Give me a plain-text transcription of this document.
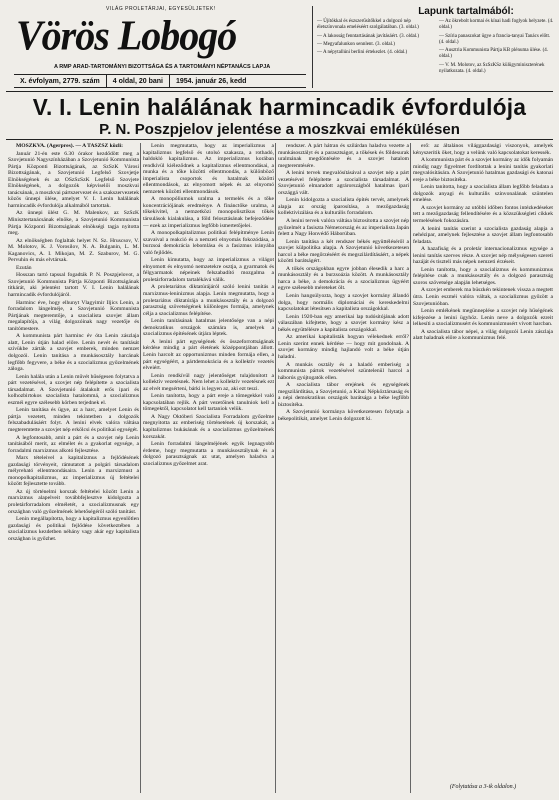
VILÁG PROLETÁRJAI, EGYESÜLJETEK!
Vörös Lobogó
A RMP ARAD-TARTOMÁNYI BIZOTTSÁGA ÉS A TARTOMÁNYI NÉPTANÁCS LAPJA
X. évfolyam, 2779. szám	4 oldal, 20 bani	1954. január 26, kedd
Lapunk tartalmából:
— Újítókkal és észszerűsítőkkel a dolgozó nép életszínvonala emeléséért szolgálatában. (3. oldal.)
— A lakosság fenntartásának javításáért. (3. oldal.)
— Megyafalunkon sennlent. (3. oldal.)
— A népytallúni berlini értekezlet. (4. oldal.)
— Az ökrebolt kormai és kínai hadi foglyok helyzete. (4. oldal.)
— Szíria panaszokat ügye a francia-tanyai Tanács előtt. (4. oldal.)
— Ausztria Kommunista Pártja KB plénuma ülése. (4. oldal.)
— V. M. Molotov, az SzSzKSz külügyminiszterének nyilatkozata. (4. oldal.)
V. I. Lenin halálának harmincadik évfordulója
P. N. Poszpjelov jelentése a moszkvai emlékülésen

MOSZKVA. (Agerpres). — A TASZSZ közli:

Január 21-én este 6.30 órakor kezdődött meg a Szovjetunió Nagyszínházában a Szovjetunió Kommunista Pártja Központi Bizottságának, az SzSzK Városi Bizottságának, a Szovjetunió Legfelső Szovjetje Elnökségének és az OSzSzSzK Legfelső Szovjete Elnökségének, a dolgozók képviselői moszkvai tanácsának, a moszkvai pártszervezet és a szakszervezetek közös ünnepi ülése, amelyet V. I. Lenin halálának harmincadik évfordulója alkalmából tartottak.

Az ünnepi ülést G. M. Malenkov, az SzSzK Minisztertanácsának elnöke, a Szovjetunió Kommunista Pártja Központi Bizottságának elnökségi tagja nyitotta meg.

Az elnökségben foglaltak helyet N. Sz. Hruscsov, V. M. Molotov, K. J. Vorosilov, N. A. Bulganin, L. M. Kaganovics, A. I. Mikojan, M. Z. Szaburov, M. G. Pervuhin és más elvtársak.

Ezután

Hosszan tartó tapssal fogadták P. N. Poszpjelovot, a Szovjetunió Kommunista Pártja Központi Bizottságának titkárát, aki jelentést tartott V. I. Lenin halálának harmincadik évfordulójáról.

Harminc éve, hogy elhunyt Vlagyimir Iljics Lenin, a forradalom lángelméje, a Szovjetunió Kommunista Pártjának megteremtője, a szocialista szovjet állam megalapítója, a világ dolgozóinak nagy vezetője és tanítómestere.

A kommunista párt harminc év óta Lenin zászlaja alatt, Lenin útján halad előre. Lenin nevét és tanítását szívükbe zárták a szovjet emberek, minden nemzet dolgozói. Lenin tanítása a munkásosztály harcának legfőbb fegyvere, a béke és a szocializmus győzelmének záloga.

Lenin halála után a Lenin művét hűségesen folytatva a párt vezetésével, a szovjet nép felépítette a szocialista társadalmat. A Szovjetunió átalakult erős ipari és kolhozbirtokos szocialista hatalommá, a szocializmus eszméi egyre szélesebb körben terjednek el.

Lenin tanítása és ügye, az a harc, amelyet Lenin és pártja vezetett, minden tekintetben a dolgozók felszabadulásáért folyt. A lenini elvek valóra váltása megteremtette a szovjet nép erkölcsi és politikai egységét.

A legfontosabb, amit a párt és a szovjet nép Lenin tanításából merít, az elmélet és a gyakorlat egysége, a forradalmi marxizmus alkotó fejlesztése.

Marx tételeivel a kapitalizmus a fejlődésének gazdasági törvényeit, rámutatott a polgári társadalom mélyreható ellentmondásaira. Lenin a marxizmust a monopolkapitalizmus, az imperializmus új feltételei között fejlesztette tovább.

Az új történelmi korszak feltételei között Lenin a marxizmus alapelveit továbbfejlesztve kidolgozta a proletárforradalom elméletét, a szocializmusnak egy országban való győzelmének lehetőségéről szóló tanítást.

Lenin megállapította, hogy a kapitalizmus egyenlőtlen gazdasági és politikai fejlődése következtében a szocializmus kezdetben néhány vagy akár egy kapitalista országban is győzhet.

Lenin megmutatta, hogy az imperializmus a kapitalizmus legfelső és utolsó szakasza, a rothadó, haldokló kapitalizmus. Az imperializmus korában rendkívül kiéleződnek a kapitalizmus ellentmondásai, a munka és a tőke közötti ellentmondás, a különböző imperialista csoportok és hatalmak közötti ellentmondások, az elnyomott népek és az elnyomó nemzetek közötti ellentmondások.

A monopóliumok uralma a termelés és a tőke koncentrációjának eredménye. A finánctőke uralma, a tőkekivitel, a nemzetközi monopolisztikus tőkés társulások kialakulása, a föld felosztásának befejeződése — ezek az imperializmus legfőbb ismertetőjelei.

A monopolkapitalizmus politikai felépítménye Lenin szavaival a reakció és a nemzeti elnyomás fokozódása, a burzsoá demokrácia lebomlása és a fasizmus irányába való fejlődés.

Lenin kimutatta, hogy az imperializmus a világot elnyomott és elnyomó nemzetekre osztja, a gyarmatok és félgyarmatok népeinek felszabadító mozgalma a proletárforradalom tartalékává válik.

A proletariátus diktatúrájáról szóló lenini tanítás a marxizmus-leninizmus alapja. Lenin megmutatta, hogy a proletariátus diktatúrája a munkásosztály és a dolgozó parasztság szövetségének különleges formája, amelynek célja a szocializmus felépítése.

Lenin tanításának hatalmas jelentősége van a népi demokratikus országok számára is, amelyek a szocializmus építésének útjára léptek.

A lenini párt egységének és összeforrottságának kérdése mindig a párt életének középpontjában állott. Lenin harcolt az opportunizmus minden formája ellen, a párt egységéért, a pártdemokrácia és a kollektív vezetés elveiért.

Lenin rendkívül nagy jelentőséget tulajdonított a kollektív vezetésnek. Nem lehet a kollektív vezetésnek ezt az elvét megsérteni, bárki is legyen az, aki ezt teszi.

Lenin tanította, hogy a párt ereje a tömegekkel való kapcsolatában rejlik. A párt vezetőinek tanulniok kell a tömegektől, kapcsolatot kell tartaniok velük.

A Nagy Októberi Szocialista Forradalom győzelme megnyitotta az emberiség történetének új korszakát, a kapitalizmus bukásának és a szocializmus győzelmének korszakát.

Lenin forradalmi lángelméjének egyik legnagyobb érdeme, hogy megmutatta a munkásosztálynak és a dolgozó parasztságnak az utat, amelyen haladva a szocializmus győzelmet arat.

rendszer. A párt hátran és szilárdan haladva vezette a munkásosztályt és a parasztságot, a tőkések és földesurak uralmának megdöntésére és a szovjet hatalom megteremtésére.

A lenini tervek megvalósításával a szovjet nép a párt vezetésével felépítette a szocialista társadalmat. A Szovjetunió elmaradott agrárországból hatalmas ipari országgá vált.

Lenin kidolgozta a szocialista építés tervét, amelynek alapja az ország iparosítása, a mezőgazdaság kollektivizálása és a kulturális forradalom.

A lenini tervek valóra váltása biztosította a szovjet nép győzelmét a fasiszta Németország és az imperialista Japán felett a Nagy Honvédő Háborúban.

Lenin tanítása a két rendszer békés együttéléséről a szovjet külpolitika alapja. A Szovjetunió következetesen harcol a béke megőrzéséért és megszilárdításáért, a népek közötti barátságért.

A tőkés országokban egyre jobban élesedik a harc a munkásosztály és a burzsoázia között. A munkásosztály harca a béke, a demokrácia és a szocializmus ügyéért egyre szélesebb méreteket ölt.

Lenin hangsúlyozta, hogy a szovjet kormány állandó dolga, hogy normális diplomáciai és kereskedelmi kapcsolatokat létesítsen a kapitalista országokkal.

Lenin 1920-ban egy amerikai lap tudósítójának adott válaszában kifejtette, hogy a szovjet kormány kész a békés együttélésre a kapitalista országokkal.

Az amerikai kapitalisták hogyan vélekednek erről? Lenin szerint ennek kérdése — hogy mit gondolnak. A szovjet kormány mindig hajlandó volt a béke útján haladni.

A munkás osztály és a haladó emberiség a kommunista pártok vezetésével szüntelenül harcol a háborús gyújtogatók ellen.

A szocialista tábor erejének és egységének megszilárdítása, a Szovjetunió, a Kínai Népköztársaság és a népi demokratikus országok barátsága a béke legfőbb biztosítéka.

A Szovjetunió kormánya következetesen folytatja a békepolitikát, amelyet Lenin dolgozott ki.

erő: az általános világgazdasági viszonyok, amelyek kényszerítik őket, hogy a velünk való kapcsolatokat keressék.

A kommunista párt és a szovjet kormány az idők folyamán mindig nagy figyelmet fordítottak a lenini tanítás gyakorlati megvalósítására. A Szovjetunió hatalmas gazdasági és katonai ereje a béke biztosítéka.

Lenin tanította, hogy a szocialista állam legfőbb feladata a dolgozók anyagi és kulturális színvonalának szüntelen emelése.

A szovjet kormány az utóbbi időben fontos intézkedéseket tett a mezőgazdaság fellendítésére és a közszükségleti cikkek termelésének fokozására.

A lenini tanítás szerint a szocialista gazdaság alapja a nehézipar, amelynek fejlesztése a szovjet állam legfontosabb feladata.

A hazafiság és a proletár internacionalizmus egysége a lenini tanítás szerves része. A szovjet nép mélységesen szereti hazáját és tiszteli más népek nemzeti érzéseit.

Lenin tanította, hogy a szocializmus és kommunizmus felépítése csak a munkásosztály és a dolgozó parasztság szoros szövetsége alapján lehetséges.

A szovjet emberek ma büszkén tekintenek vissza a megtett útra. Lenin eszméi valóra váltak, a szocializmus győzött a Szovjetunióban.

Lenin emlékének megünneplése a szovjet nép hűségének kifejezése a lenini ügyhöz. Lenin neve a dolgozók ezreit lelkesíti a szocializmusért és kommunizmusért vívott harcban.

A szocialista tábor népei, a világ dolgozói Lenin zászlaja alatt haladnak előre a kommunizmus felé.

(Folytatása a 3-ik oldalon.)
